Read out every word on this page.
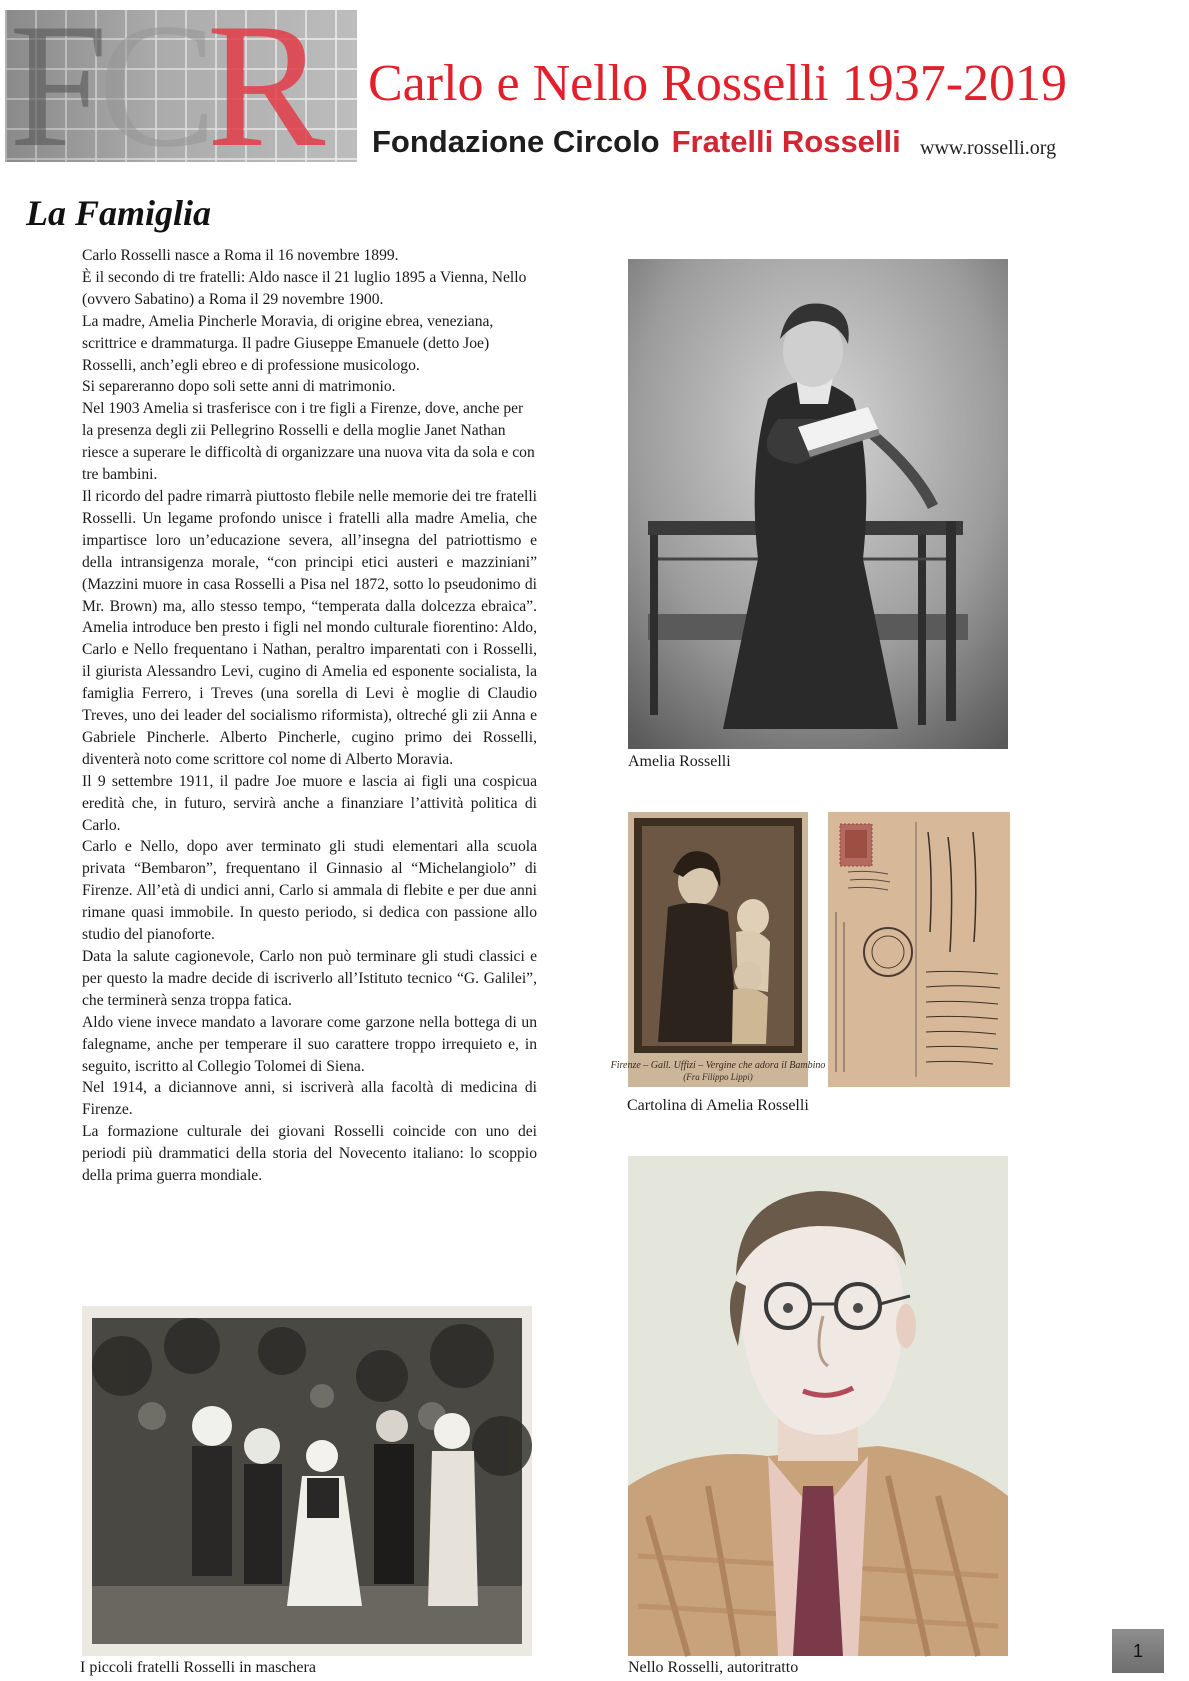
FCR Carlo e Nello Rosselli 1937-2019
Fondazione Circolo Fratelli Rosselli www.rosselli.org
La Famiglia

Carlo Rosselli nasce a Roma il 16 novembre 1899.

È il secondo di tre fratelli: Aldo nasce il 21 luglio 1895 a Vienna, Nello (ovvero Sabatino) a Roma il 29 novembre 1900.

La madre, Amelia Pincherle Moravia, di origine ebrea, veneziana, scrittrice e drammaturga. Il padre Giuseppe Emanuele (detto Joe) Rosselli, anch’egli ebreo e di professione musicologo.

Si separeranno dopo soli sette anni di matrimonio.

Nel 1903 Amelia si trasferisce con i tre figli a Firenze, dove, anche per la presenza degli zii Pellegrino Rosselli e della moglie Janet Nathan riesce a superare le difficoltà di organizzare una nuova vita da sola e con tre bambini.

Il ricordo del padre rimarrà piuttosto flebile nelle memorie dei tre fratelli Rosselli. Un legame profondo unisce i fratelli alla madre Amelia, che impartisce loro un’educazione severa, all’insegna del patriottismo e della intransigenza morale, “con principi etici austeri e mazziniani” (Mazzini muore in casa Rosselli a Pisa nel 1872, sotto lo pseudonimo di Mr. Brown) ma, allo stesso tempo, “temperata dalla dolcezza ebraica”. Amelia introduce ben presto i figli nel mondo culturale fiorentino: Aldo, Carlo e Nello frequentano i Nathan, peraltro imparentati con i Rosselli, il giurista Alessandro Levi, cugino di Amelia ed esponente socialista, la famiglia Ferrero, i Treves (una sorella di Levi è moglie di Claudio Treves, uno dei leader del socialismo riformista), oltreché gli zii Anna e Gabriele Pincherle. Alberto Pincherle, cugino primo dei Rosselli, diventerà noto come scrittore col nome di Alberto Moravia.

Il 9 settembre 1911, il padre Joe muore e lascia ai figli una cospicua eredità che, in futuro, servirà anche a finanziare l’attività politica di Carlo.

Carlo e Nello, dopo aver terminato gli studi elementari alla scuola privata “Bembaron”, frequentano il Ginnasio al “Michelangiolo” di Firenze. All’età di undici anni, Carlo si ammala di flebite e per due anni rimane quasi immobile. In questo periodo, si dedica con passione allo studio del pianoforte.

Data la salute cagionevole, Carlo non può terminare gli studi classici e per questo la madre decide di iscriverlo all’Istituto tecnico “G. Galilei”, che terminerà senza troppa fatica.

Aldo viene invece mandato a lavorare come garzone nella bottega di un falegname, anche per temperare il suo carattere troppo irrequieto e, in seguito, iscritto al Collegio Tolomei di Siena.

Nel 1914, a diciannove anni, si iscriverà alla facoltà di medicina di Firenze.

La formazione culturale dei giovani Rosselli coincide con uno dei periodi più drammatici della storia del Novecento italiano: lo scoppio della prima guerra mondiale.

Amelia Rosselli
Firenze – Gall. Uffizi – Vergine che adora il Bambino
(Fra Filippo Lippi)
Cartolina di Amelia Rosselli
Nello Rosselli, autoritratto
I piccoli fratelli Rosselli in maschera
1
